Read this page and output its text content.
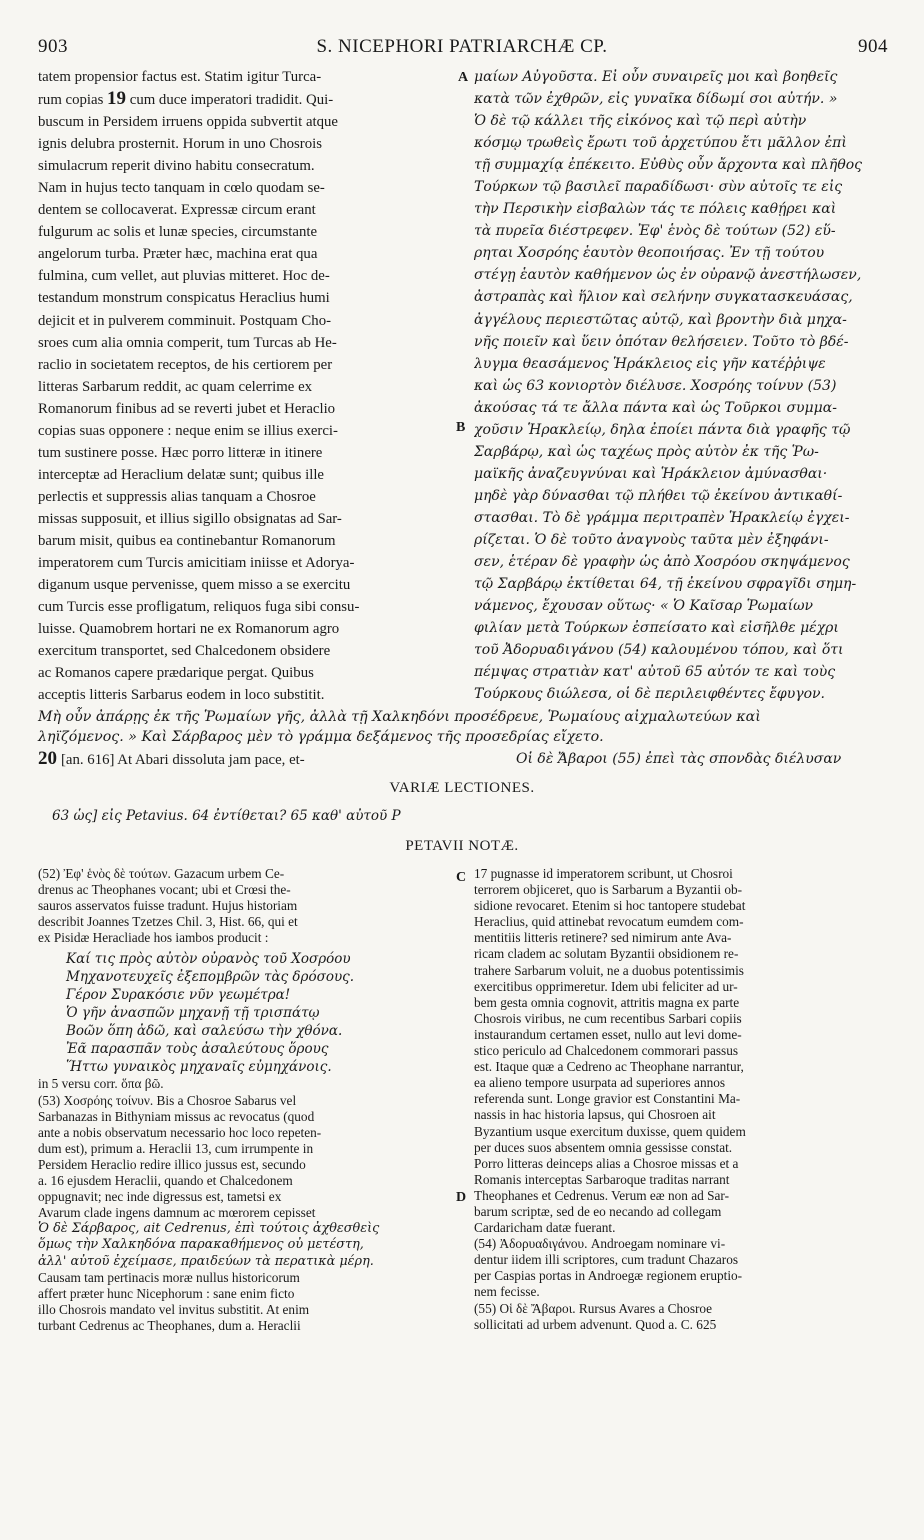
903	S. NICEPHORI PATRIARCHÆ CP.	904
tatem propensior factus est. Statim igitur Turca-
rum copias 19 cum duce imperatori tradidit. Qui-
buscum in Persidem irruens oppida subvertit atque
ignis delubra prosternit. Horum in uno Chosrois
simulacrum reperit divino habitu consecratum.
Nam in hujus tecto tanquam in cœlo quodam se-
dentem se collocaverat. Expressæ circum erant
fulgurum ac solis et lunæ species, circumstante
angelorum turba. Præter hæc, machina erat qua
fulmina, cum vellet, aut pluvias mitteret. Hoc de-
testandum monstrum conspicatus Heraclius humi
dejicit et in pulverem comminuit. Postquam Cho-
sroes cum alia omnia comperit, tum Turcas ab He-
raclio in societatem receptos, de his certiorem per
litteras Sarbarum reddit, ac quam celerrime ex
Romanorum finibus ad se reverti jubet et Heraclio
copias suas opponere : neque enim se illius exerci-
tum sustinere posse. Hæc porro litteræ in itinere
interceptæ ad Heraclium delatæ sunt; quibus ille
perlectis et suppressis alias tanquam a Chosroe
missas supposuit, et illius sigillo obsignatas ad Sar-
barum misit, quibus ea continebantur Romanorum
imperatorem cum Turcis amicitiam iniisse et Adorya-
diganum usque pervenisse, quem misso a se exercitu
cum Turcis esse profligatum, reliquos fuga sibi consu-
luisse. Quamobrem hortari ne ex Romanorum agro
exercitum transportet, sed Chalcedonem obsidere
ac Romanos capere prædarique pergat. Quibus
acceptis litteris Sarbarus eodem in loco substitit.
μαίων Αὐγοῦστα. Εἰ οὖν συναιρεῖς μοι καὶ βοηθεῖς
κατὰ τῶν ἐχθρῶν, εἰς γυναῖκα δίδωμί σοι αὐτήν. »
Ὁ δὲ τῷ κάλλει τῆς εἰκόνος καὶ τῷ περὶ αὐτὴν
κόσμῳ τρωθεὶς ἔρωτι τοῦ ἀρχετύπου ἔτι μᾶλλον ἐπὶ
τῇ συμμαχίᾳ ἐπέκειτο. Εὐθὺς οὖν ἄρχοντα καὶ πλῆθος
Τούρκων τῷ βασιλεῖ παραδίδωσι· σὺν αὐτοῖς τε εἰς
τὴν Περσικὴν εἰσβαλὼν τάς τε πόλεις καθῄρει καὶ
τὰ πυρεῖα διέστρεφεν. Ἐφ' ἑνὸς δὲ τούτων (52) εὕ-
ρηται Χοσρόης ἑαυτὸν θεοποιήσας. Ἐν τῇ τούτου
στέγῃ ἑαυτὸν καθήμενον ὡς ἐν οὐρανῷ ἀνεστήλωσεν,
ἀστραπὰς καὶ ἥλιον καὶ σελήνην συγκατασκευάσας,
ἀγγέλους περιεστῶτας αὐτῷ, καὶ βροντὴν διὰ μηχα-
νῆς ποιεῖν καὶ ὕειν ὁπόταν θελήσειεν. Τοῦτο τὸ βδέ-
λυγμα θεασάμενος Ἡράκλειος εἰς γῆν κατέῤῥιψε
καὶ ὡς 63 κονιορτὸν διέλυσε. Χοσρόης τοίνυν (53)
ἀκούσας τά τε ἄλλα πάντα καὶ ὡς Τοῦρκοι συμμα-
χοῦσιν Ἡρακλείῳ, δηλα ἐποίει πάντα διὰ γραφῆς τῷ
Σαρβάρῳ, καὶ ὡς ταχέως πρὸς αὐτὸν ἐκ τῆς Ῥω-
μαϊκῆς ἀναζευγνύναι καὶ Ἡράκλειον ἀμύνασθαι·
μηδὲ γὰρ δύνασθαι τῷ πλήθει τῷ ἐκείνου ἀντικαθί-
στασθαι. Τὸ δὲ γράμμα περιτραπὲν Ἡρακλείῳ ἐγχει-
ρίζεται. Ὁ δὲ τοῦτο ἀναγνοὺς ταῦτα μὲν ἐξηφάνι-
σεν, ἑτέραν δὲ γραφὴν ὡς ἀπὸ Χοσρόου σκηψάμενος
τῷ Σαρβάρῳ ἐκτίθεται 64, τῇ ἐκείνου σφραγῖδι σημη-
νάμενος, ἔχουσαν οὕτως· « Ὁ Καῖσαρ Ῥωμαίων
φιλίαν μετὰ Τούρκων ἐσπείσατο καὶ εἰσῆλθε μέχρι
τοῦ Ἀδορυαδιγάνου (54) καλουμένου τόπου, καὶ ὅτι
πέμψας στρατιὰν κατ' αὐτοῦ 65 αὐτόν τε καὶ τοὺς
Τούρκους διώλεσα, οἱ δὲ περιλειφθέντες ἔφυγον.
A
B
Μὴ οὖν ἀπάρῃς ἐκ τῆς Ῥωμαίων γῆς, ἀλλὰ τῇ Χαλκηδόνι προσέδρευε, Ῥωμαίους αἰχμαλωτεύων καὶ
ληϊζόμενος. » Καὶ Σάρβαρος μὲν τὸ γράμμα δεξάμενος τῆς προσεδρίας εἴχετο.
20 [an. 616] At Abari dissoluta jam pace, et-	Οἱ δὲ Ἄβαροι (55) ἐπεὶ τὰς σπονδὰς διέλυσαν
VARIÆ LECTIONES.
63 ὡς] εἰς Petavius. 64 ἐντίθεται? 65 καθ' αὐτοῦ P
PETAVII NOTÆ.
(52) Ἐφ' ἑνὸς δὲ τούτων. Gazacum urbem Ce-
drenus ac Theophanes vocant; ubi et Crœsi the-
sauros asservatos fuisse tradunt. Hujus historiam
describit Joannes Tzetzes Chil. 3, Hist. 66, qui et
ex Pisidæ Heracliade hos iambos producit :
Καί τις πρὸς αὐτὸν οὐρανὸς τοῦ Χοσρόου
Μηχανοτευχεῖς ἐξεπομβρῶν τὰς δρόσους.
Γέρον Συρακόσιε νῦν γεωμέτρα!
Ὁ γῆν ἀνασπῶν μηχανῇ τῇ τρισπάτῳ
Βοῶν ὅπη ἀδῶ, καὶ σαλεύσω τὴν χθόνα.
Ἐᾶ παρασπᾶν τοὺς ἀσαλεύτους ὅρους
Ἥττω γυναικὸς μηχαναῖς εὐμηχάνοις.
in 5 versu corr. ὅπα βῶ.
(53) Χοσρόης τοίνυν. Bis a Chosroe Sabarus vel
Sarbanazas in Bithyniam missus ac revocatus (quod
ante a nobis observatum necessario hoc loco repeten-
dum est), primum a. Heraclii 13, cum irrumpente in
Persidem Heraclio redire illico jussus est, secundo
a. 16 ejusdem Heraclii, quando et Chalcedonem
oppugnavit; nec inde digressus est, tametsi ex
Avarum clade ingens damnum ac mœrorem cepisset
Ὁ δὲ Σάρβαρος, ait Cedrenus, ἐπὶ τούτοις ἀχθεσθεὶς
ὅμως τὴν Χαλκηδόνα παρακαθήμενος οὐ μετέστη,
ἀλλ' αὐτοῦ ἐχείμασε, πραιδεύων τὰ περατικὰ μέρη.
Causam tam pertinacis moræ nullus historicorum
affert præter hunc Nicephorum : sane enim ficto
illo Chosrois mandato vel invitus substitit. At enim
turbant Cedrenus ac Theophanes, dum a. Heraclii
17 pugnasse id imperatorem scribunt, ut Chosroi
terrorem objiceret, quo is Sarbarum a Byzantii ob-
sidione revocaret. Etenim si hoc tantopere studebat
Heraclius, quid attinebat revocatum eumdem com-
mentitiis litteris retinere? sed nimirum ante Ava-
ricam cladem ac solutam Byzantii obsidionem re-
trahere Sarbarum voluit, ne a duobus potentissimis
exercitibus opprimeretur. Idem ubi feliciter ad ur-
bem gesta omnia cognovit, attritis magna ex parte
Chosrois viribus, ne cum recentibus Sarbari copiis
instaurandum certamen esset, nullo aut levi dome-
stico periculo ad Chalcedonem commorari passus
est. Itaque quæ a Cedreno ac Theophane narrantur,
ea alieno tempore usurpata ad superiores annos
referenda sunt. Longe gravior est Constantini Ma-
nassis in hac historia lapsus, qui Chosroen ait
Byzantium usque exercitum duxisse, quem quidem
per duces suos absentem omnia gessisse constat.
Porro litteras deinceps alias a Chosroe missas et a
Romanis interceptas Sarbaroque traditas narrant
Theophanes et Cedrenus. Verum eæ non ad Sar-
barum scriptæ, sed de eo necando ad collegam
Cardaricham datæ fuerant.
(54) Ἀδορυαδιγάνου. Androegam nominare vi-
dentur iidem illi scriptores, cum tradunt Chazaros
per Caspias portas in Androegæ regionem eruptio-
nem fecisse.
(55) Οἱ δὲ Ἄβαροι. Rursus Avares a Chosroe
sollicitati ad urbem advenunt. Quod a. C. 625
C
D
